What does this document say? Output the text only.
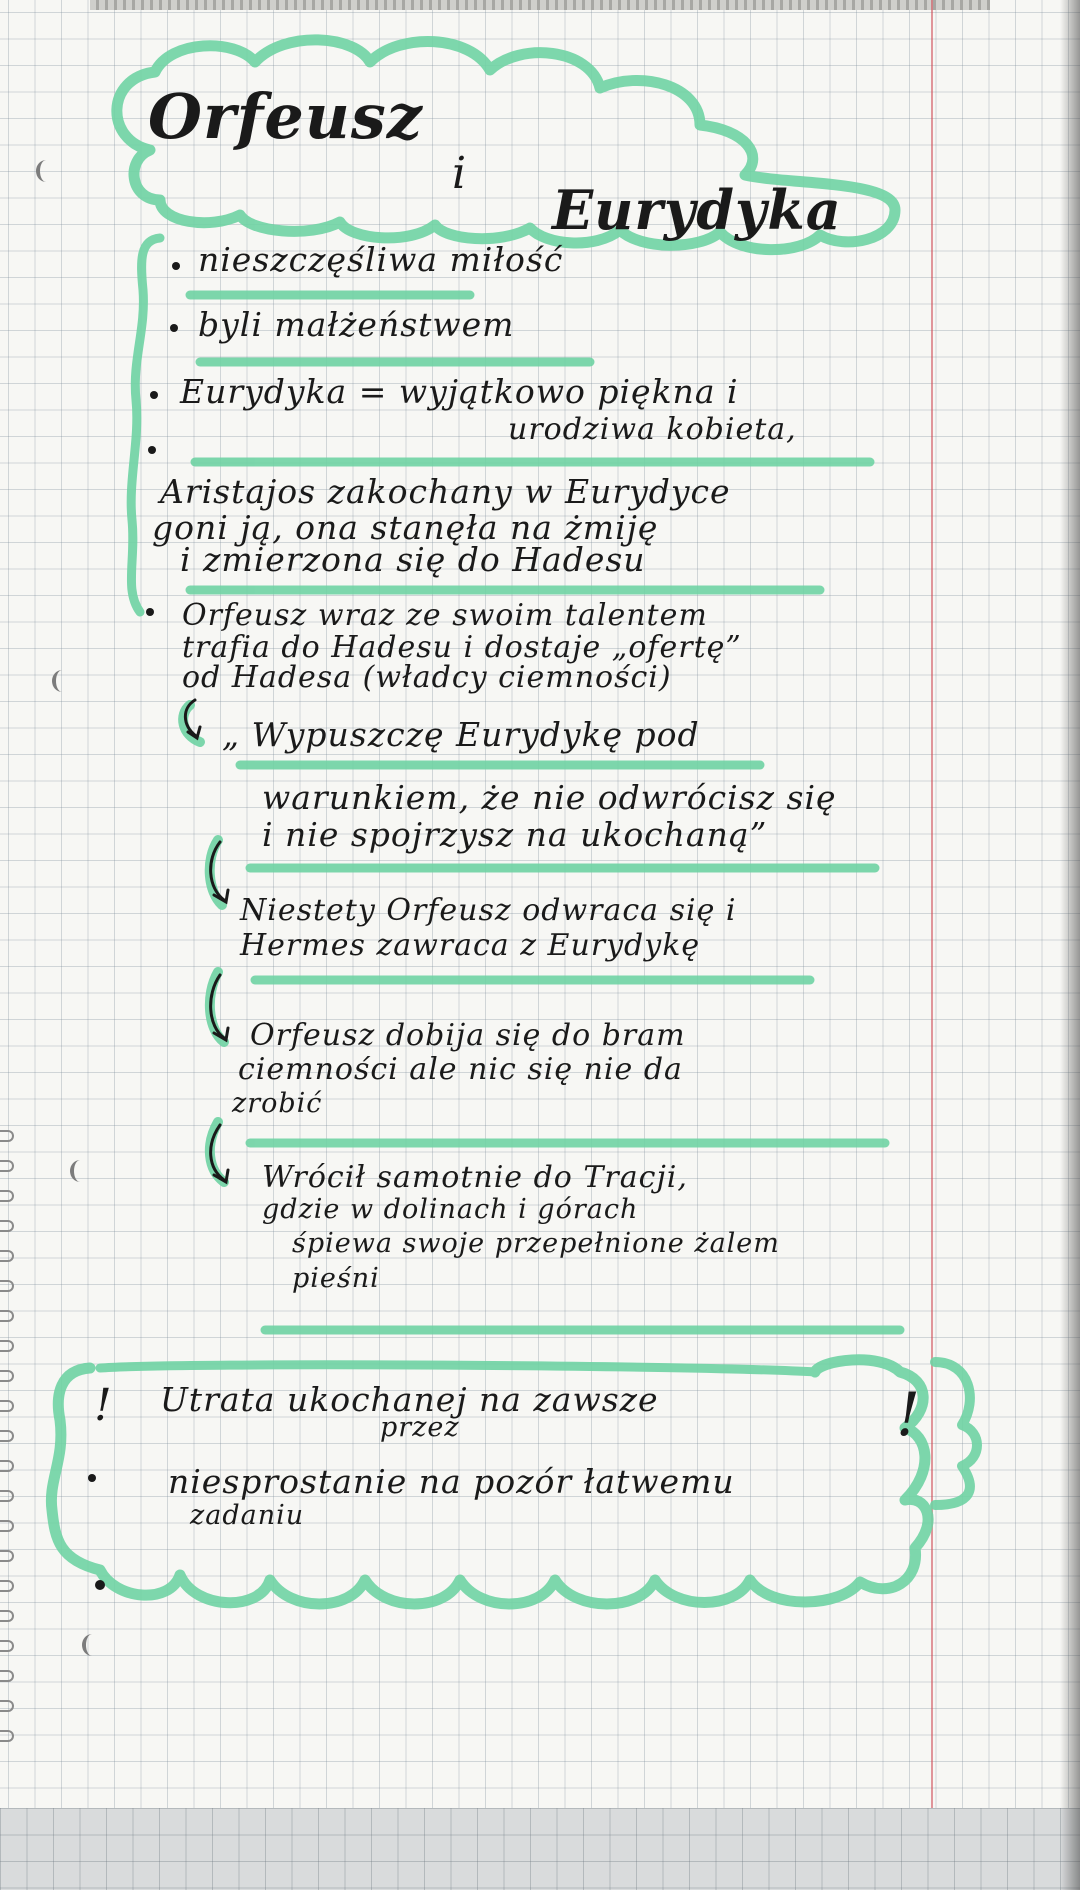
Orfeusz
i
Eurydyka
nieszczęśliwa miłość
byli małżeństwem
Eurydyka = wyjątkowo piękna i
urodziwa kobieta,
Aristajos zakochany w Eurydyce
goni ją, ona stanęła na żmiję
i zmierzona się do Hadesu
Orfeusz wraz ze swoim talentem
trafia do Hadesu i dostaje „ofertę”
od Hadesa (władcy ciemności)
„ Wypuszczę Eurydykę pod
warunkiem, że nie odwrócisz się
i nie spojrzysz na ukochaną”
Niestety Orfeusz odwraca się i
Hermes zawraca z Eurydykę
Orfeusz dobija się do bram
ciemności ale nic się nie da
zrobić
Wrócił samotnie do Tracji,
gdzie w dolinach i górach
śpiewa swoje przepełnione żalem
pieśni
! Utrata ukochanej na zawsze
przez
niesprostanie na pozór łatwemu
zadaniu
!
